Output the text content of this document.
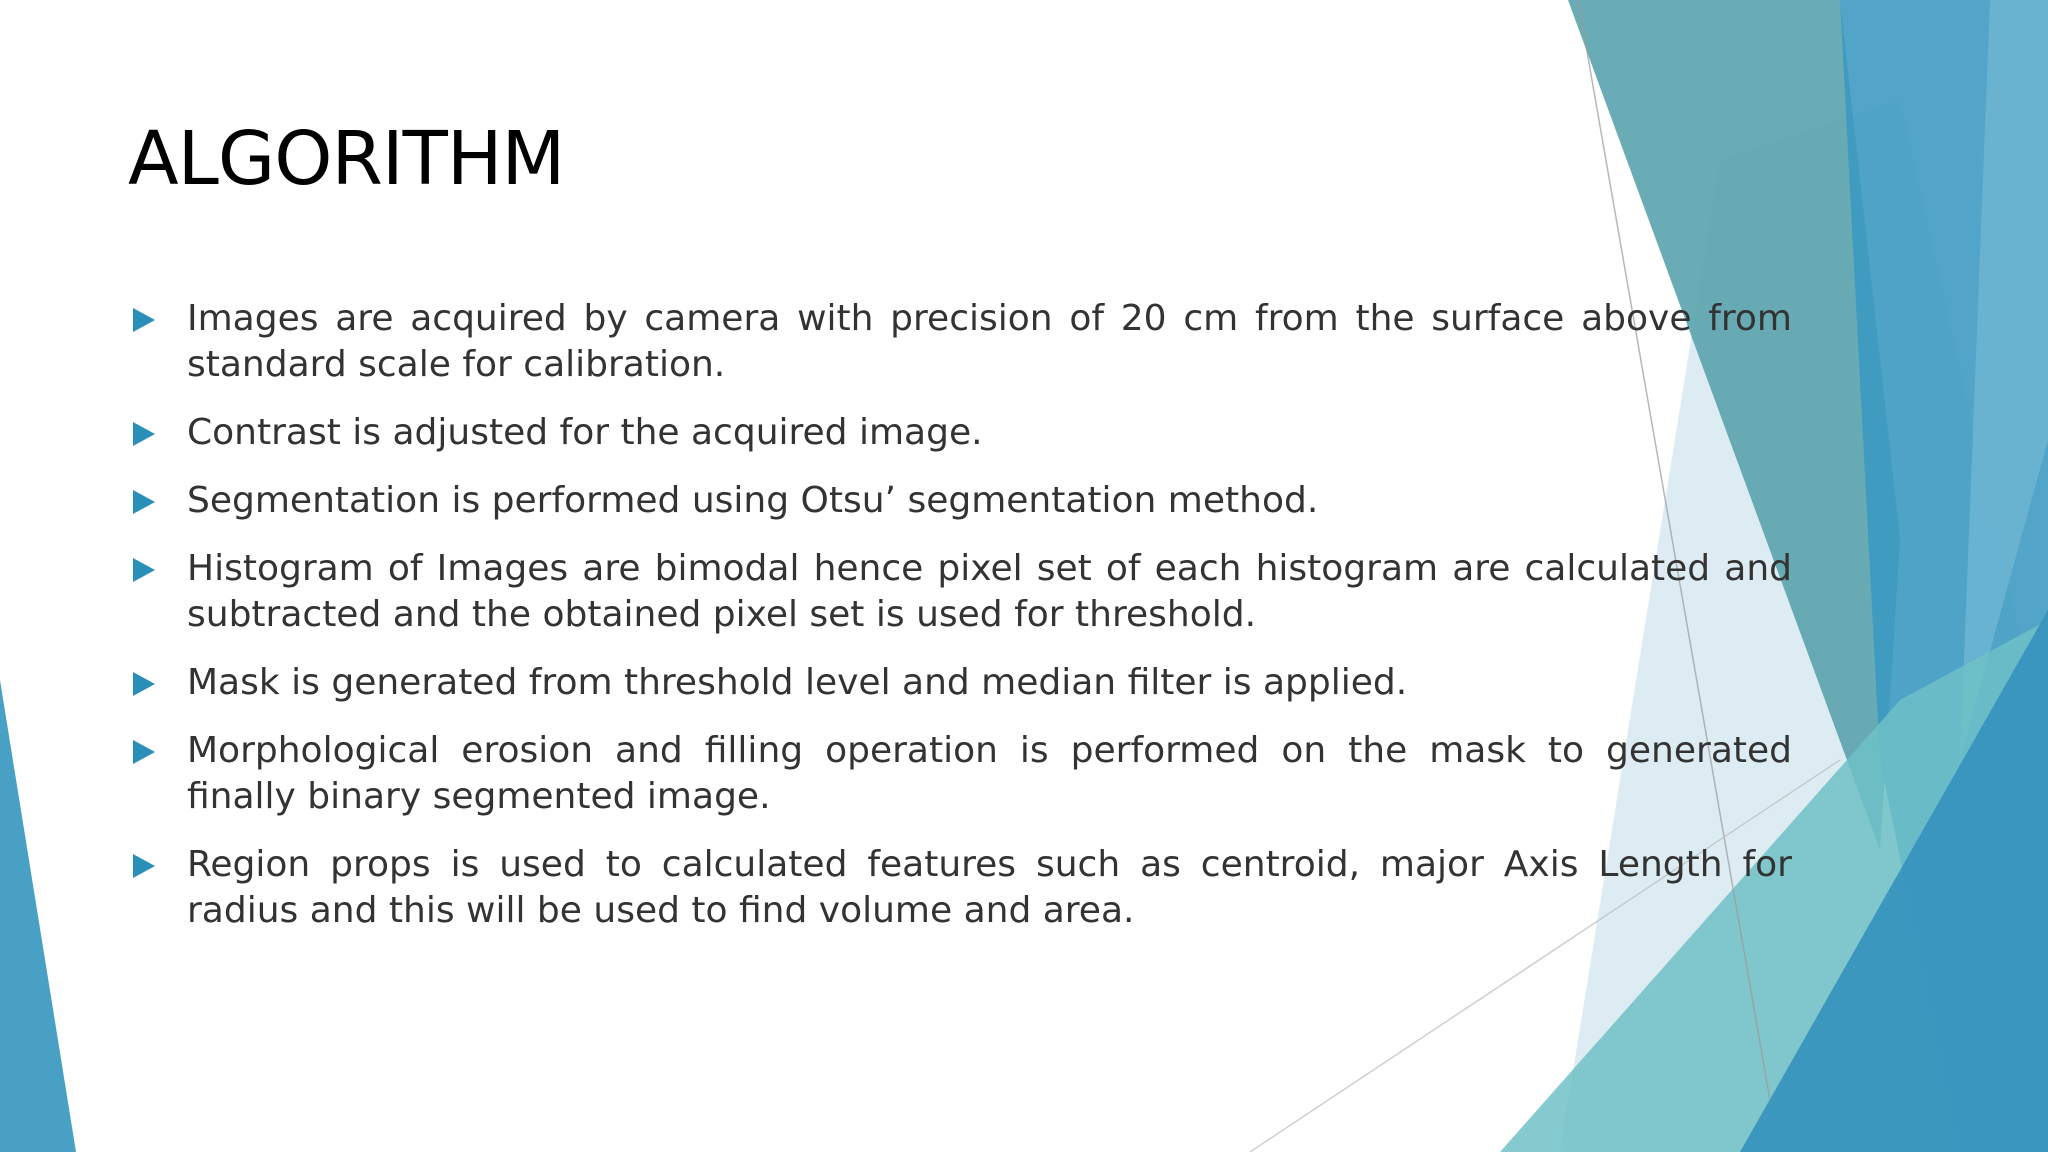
ALGORITHM
Images are acquired by camera with precision of 20 cm from the surface above from standard scale for calibration.
Contrast is adjusted for the acquired image.
Segmentation is performed using Otsu’ segmentation method.
Histogram of Images are bimodal hence pixel set of each histogram are calculated and subtracted and the obtained pixel set is used for threshold.
Mask is generated from threshold level and median filter is applied.
Morphological erosion and filling operation is performed on the mask to generated finally binary segmented image.
Region props is used to calculated features such as centroid, major Axis Length for radius and this will be used to find volume and area.
